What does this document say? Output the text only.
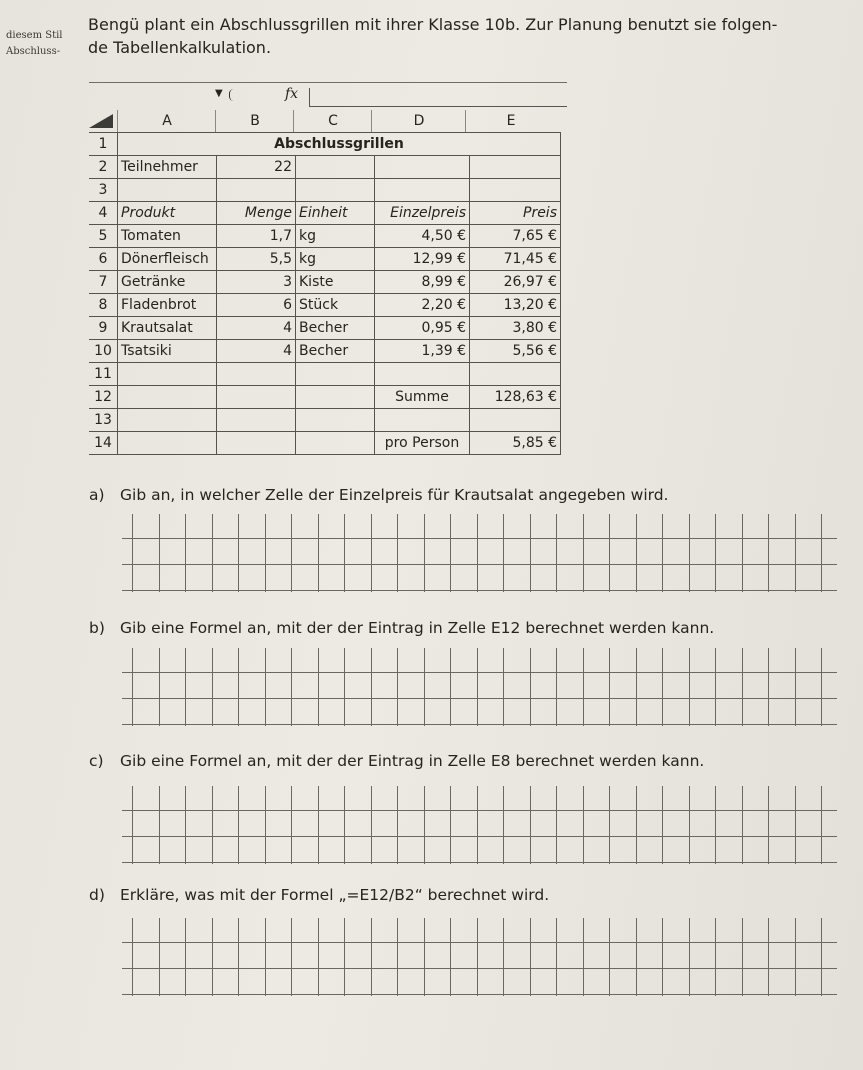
diesem Stil
Abschluss-
Bengü plant ein Abschlussgrillen mit ihrer Klasse 10b. Zur Planung benutzt sie folgen-
de Tabellenkalkulation.
▼	fx
A	B	C	D	E
1	Abschlussgrillen				
2	Teilnehmer	22			
3					
4	Produkt	Menge	Einheit	Einzelpreis	Preis
5	Tomaten	1,7	kg	4,50 €	7,65 €
6	Dönerfleisch	5,5	kg	12,99 €	71,45 €
7	Getränke	3	Kiste	8,99 €	26,97 €
8	Fladenbrot	6	Stück	2,20 €	13,20 €
9	Krautsalat	4	Becher	0,95 €	3,80 €
10	Tsatsiki	4	Becher	1,39 €	5,56 €
11					
12				Summe	128,63 €
13					
14				pro Person	5,85 €
a) Gib an, in welcher Zelle der Einzelpreis für Krautsalat angegeben wird.
b) Gib eine Formel an, mit der der Eintrag in Zelle E12 berechnet werden kann.
c) Gib eine Formel an, mit der der Eintrag in Zelle E8 berechnet werden kann.
d) Erkläre, was mit der Formel „=E12/B2“ berechnet wird.
